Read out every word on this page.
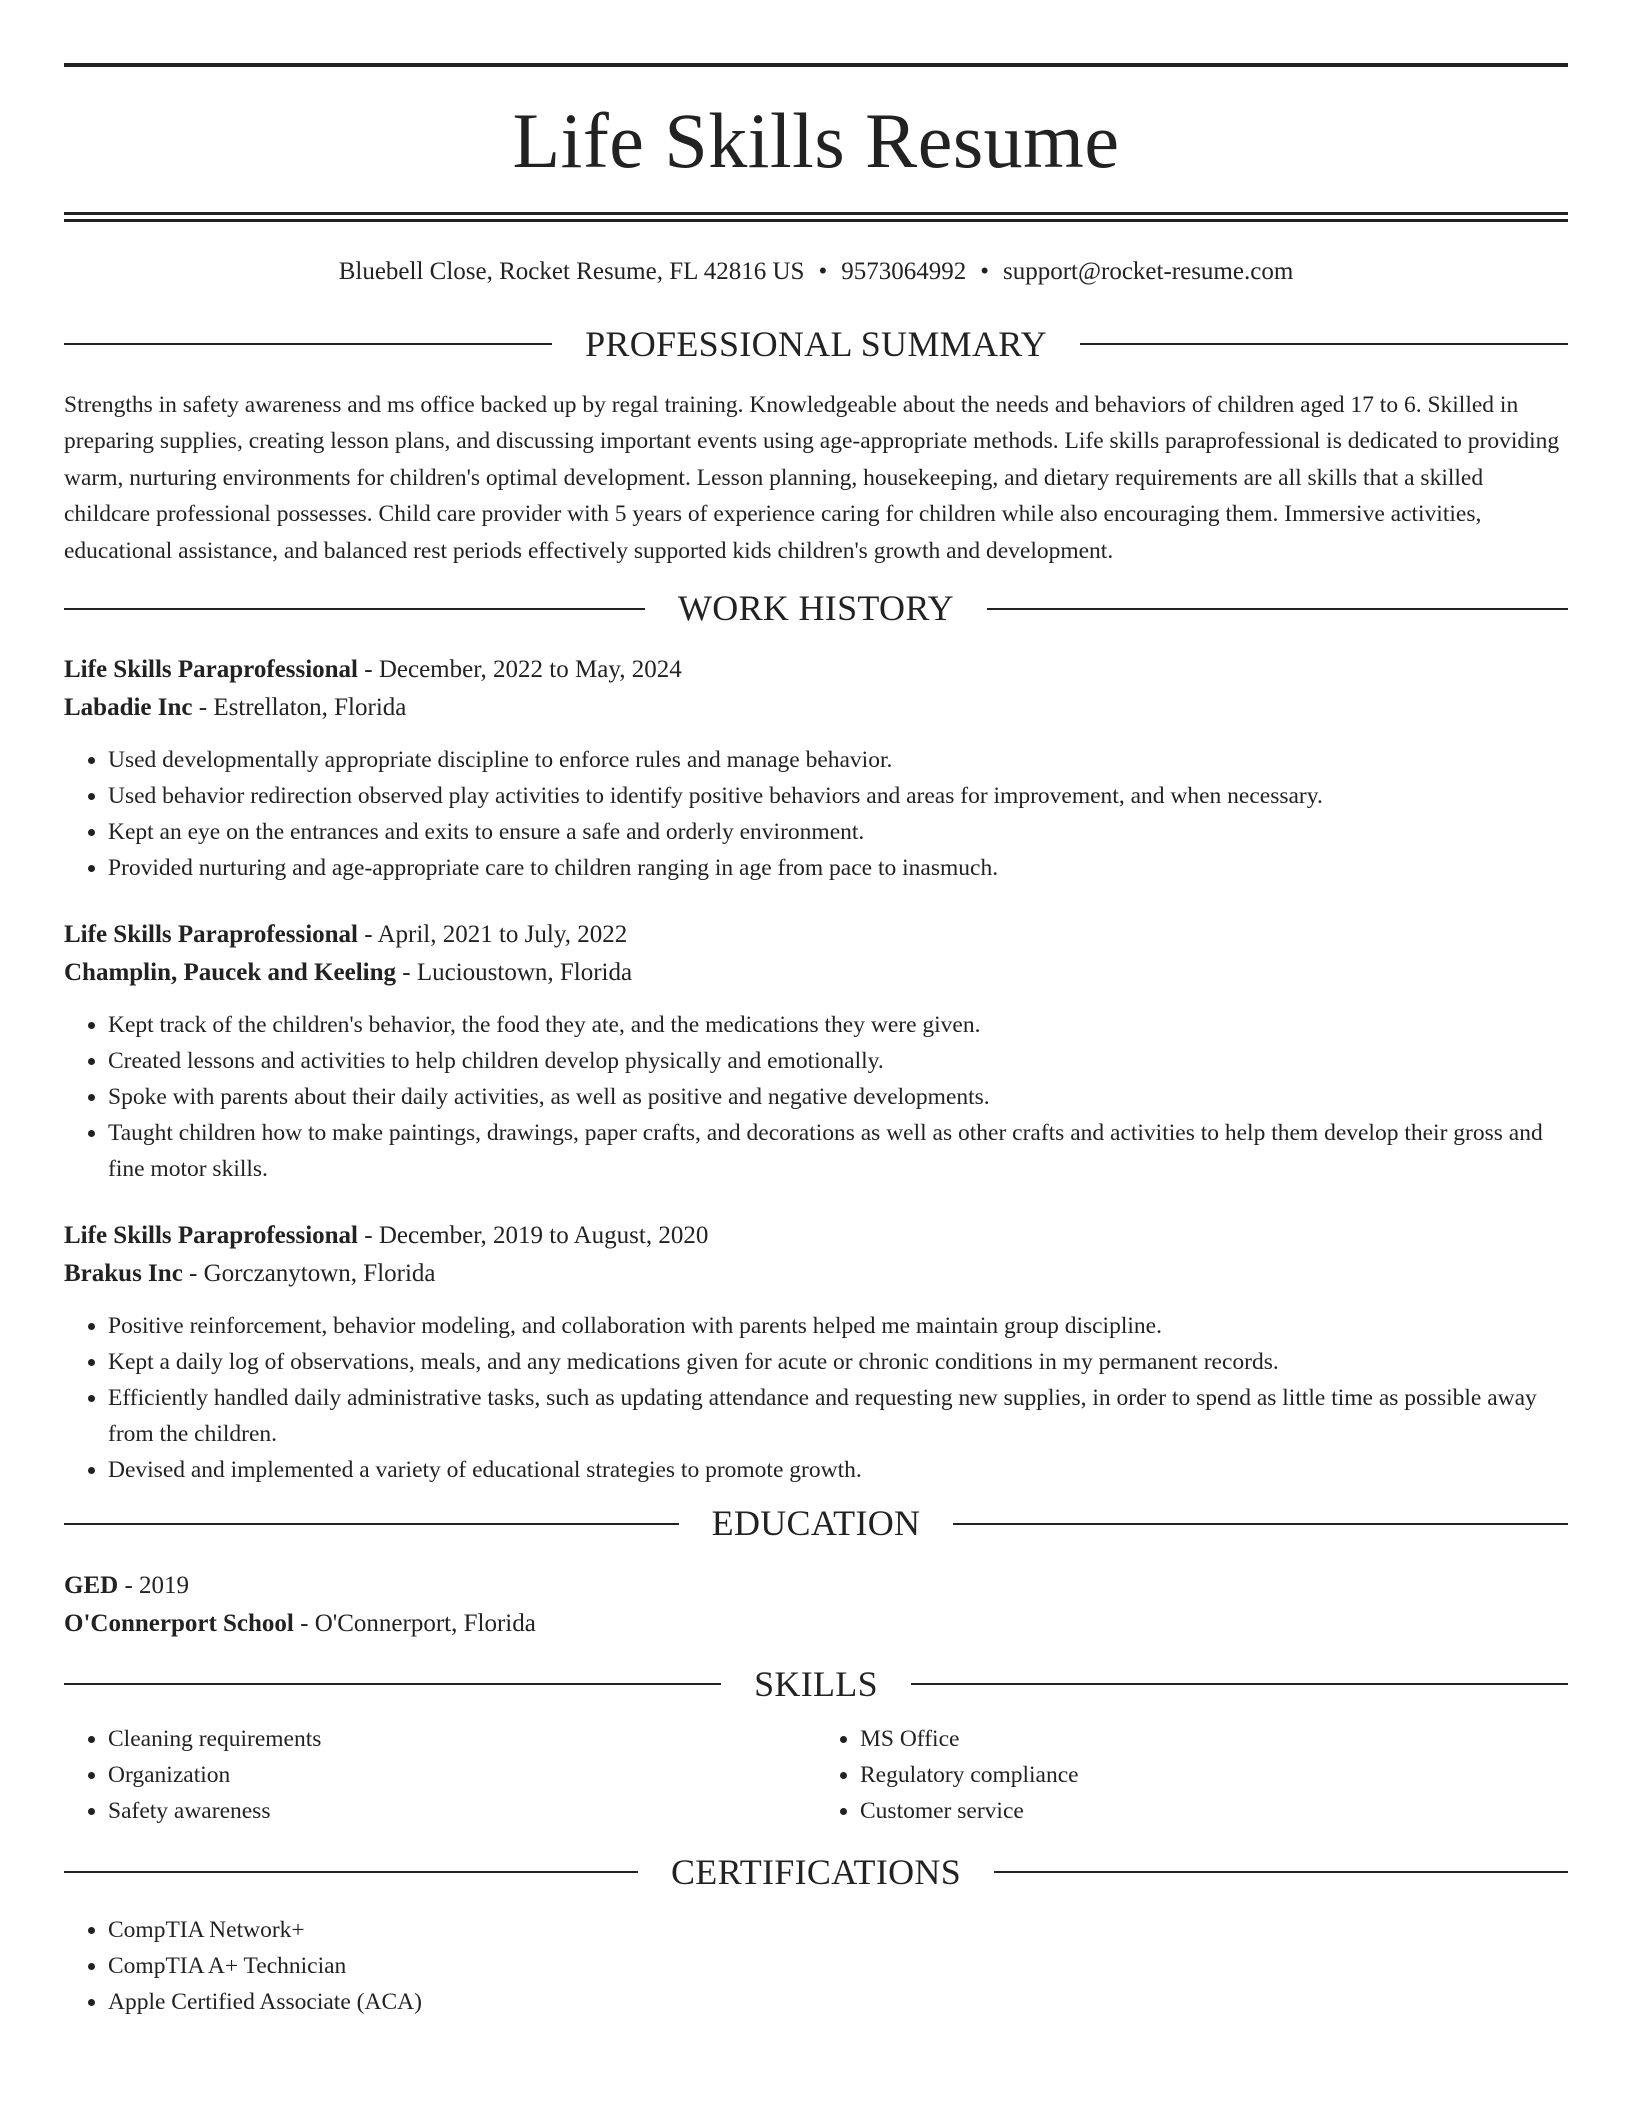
Life Skills Resume
Bluebell Close, Rocket Resume, FL 42816 US • 9573064992 • support@rocket-resume.com
PROFESSIONAL SUMMARY
Strengths in safety awareness and ms office backed up by regal training. Knowledgeable about the needs and behaviors of children aged 17 to 6. Skilled in preparing supplies, creating lesson plans, and discussing important events using age-appropriate methods. Life skills paraprofessional is dedicated to providing warm, nurturing environments for children's optimal development. Lesson planning, housekeeping, and dietary requirements are all skills that a skilled childcare professional possesses. Child care provider with 5 years of experience caring for children while also encouraging them. Immersive activities, educational assistance, and balanced rest periods effectively supported kids children's growth and development.
WORK HISTORY
Life Skills Paraprofessional - December, 2022 to May, 2024
Labadie Inc - Estrellaton, Florida
• Used developmentally appropriate discipline to enforce rules and manage behavior.
• Used behavior redirection observed play activities to identify positive behaviors and areas for improvement, and when necessary.
• Kept an eye on the entrances and exits to ensure a safe and orderly environment.
• Provided nurturing and age-appropriate care to children ranging in age from pace to inasmuch.
Life Skills Paraprofessional - April, 2021 to July, 2022
Champlin, Paucek and Keeling - Lucioustown, Florida
• Kept track of the children's behavior, the food they ate, and the medications they were given.
• Created lessons and activities to help children develop physically and emotionally.
• Spoke with parents about their daily activities, as well as positive and negative developments.
• Taught children how to make paintings, drawings, paper crafts, and decorations as well as other crafts and activities to help them develop their gross and fine motor skills.
Life Skills Paraprofessional - December, 2019 to August, 2020
Brakus Inc - Gorczanytown, Florida
• Positive reinforcement, behavior modeling, and collaboration with parents helped me maintain group discipline.
• Kept a daily log of observations, meals, and any medications given for acute or chronic conditions in my permanent records.
• Efficiently handled daily administrative tasks, such as updating attendance and requesting new supplies, in order to spend as little time as possible away from the children.
• Devised and implemented a variety of educational strategies to promote growth.
EDUCATION
GED - 2019
O'Connerport School - O'Connerport, Florida
SKILLS
• Cleaning requirements
• Organization
• Safety awareness
• MS Office
• Regulatory compliance
• Customer service
CERTIFICATIONS
• CompTIA Network+
• CompTIA A+ Technician
• Apple Certified Associate (ACA)
